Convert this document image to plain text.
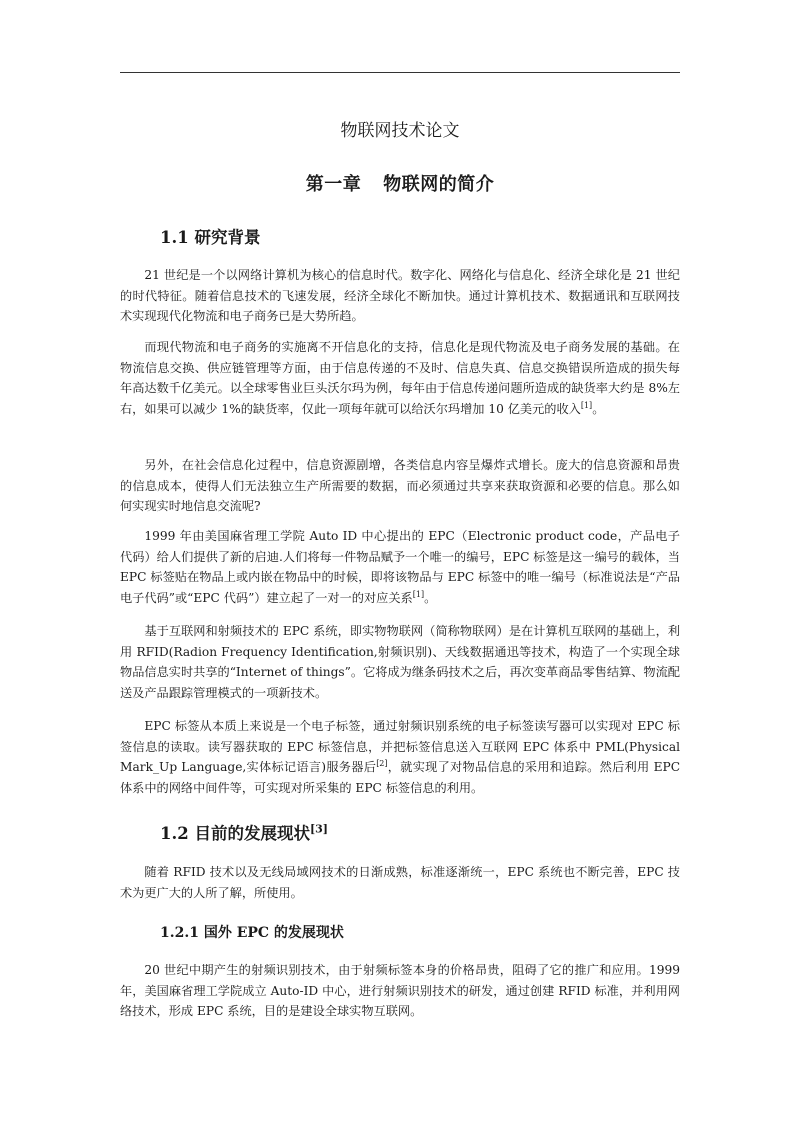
物联网技术论文
第一章 物联网的简介
1.1 研究背景

21 世纪是一个以网络计算机为核心的信息时代。数字化、网络化与信息化、经济全球化是 21 世纪的时代特征。随着信息技术的飞速发展，经济全球化不断加快。通过计算机技术、数据通讯和互联网技术实现现代化物流和电子商务已是大势所趋。

而现代物流和电子商务的实施离不开信息化的支持，信息化是现代物流及电子商务发展的基础。在物流信息交换、供应链管理等方面，由于信息传递的不及时、信息失真、信息交换错误所造成的损失每年高达数千亿美元。以全球零售业巨头沃尔玛为例，每年由于信息传递问题所造成的缺货率大约是 8%左右，如果可以减少 1%的缺货率，仅此一项每年就可以给沃尔玛增加 10 亿美元的收入[1]。

另外，在社会信息化过程中，信息资源剧增，各类信息内容呈爆炸式增长。庞大的信息资源和昂贵的信息成本，使得人们无法独立生产所需要的数据，而必须通过共享来获取资源和必要的信息。那么如何实现实时地信息交流呢?

1999 年由美国麻省理工学院 Auto ID 中心提出的 EPC（Electronic product code，产品电子代码）给人们提供了新的启迪.人们将每一件物品赋予一个唯一的编号，EPC 标签是这一编号的载体，当 EPC 标签贴在物品上或内嵌在物品中的时候，即将该物品与 EPC 标签中的唯一编号（标准说法是“产品电子代码”或“EPC 代码”）建立起了一对一的对应关系[1]。

基于互联网和射频技术的 EPC 系统，即实物物联网（简称物联网）是在计算机互联网的基础上，利用 RFID(Radion Frequency Identification,射频识别)、天线数据通迅等技术，构造了一个实现全球物品信息实时共享的“Internet of things”。它将成为继条码技术之后，再次变革商品零售结算、物流配送及产品跟踪管理模式的一项新技术。

EPC 标签从本质上来说是一个电子标签，通过射频识别系统的电子标签读写器可以实现对 EPC 标签信息的读取。读写器获取的 EPC 标签信息，并把标签信息送入互联网 EPC 体系中 PML(Physical Mark_Up Language,实体标记语言)服务器后[2]，就实现了对物品信息的采用和追踪。然后利用 EPC 体系中的网络中间件等，可实现对所采集的 EPC 标签信息的利用。

1.2 目前的发展现状[3]

随着 RFID 技术以及无线局域网技术的日渐成熟，标准逐渐统一，EPC 系统也不断完善，EPC 技术为更广大的人所了解，所使用。

1.2.1 国外 EPC 的发展现状

20 世纪中期产生的射频识别技术，由于射频标签本身的价格昂贵，阻碍了它的推广和应用。1999 年，美国麻省理工学院成立 Auto-ID 中心，进行射频识别技术的研发，通过创建 RFID 标准，并利用网络技术，形成 EPC 系统，目的是建设全球实物互联网。
